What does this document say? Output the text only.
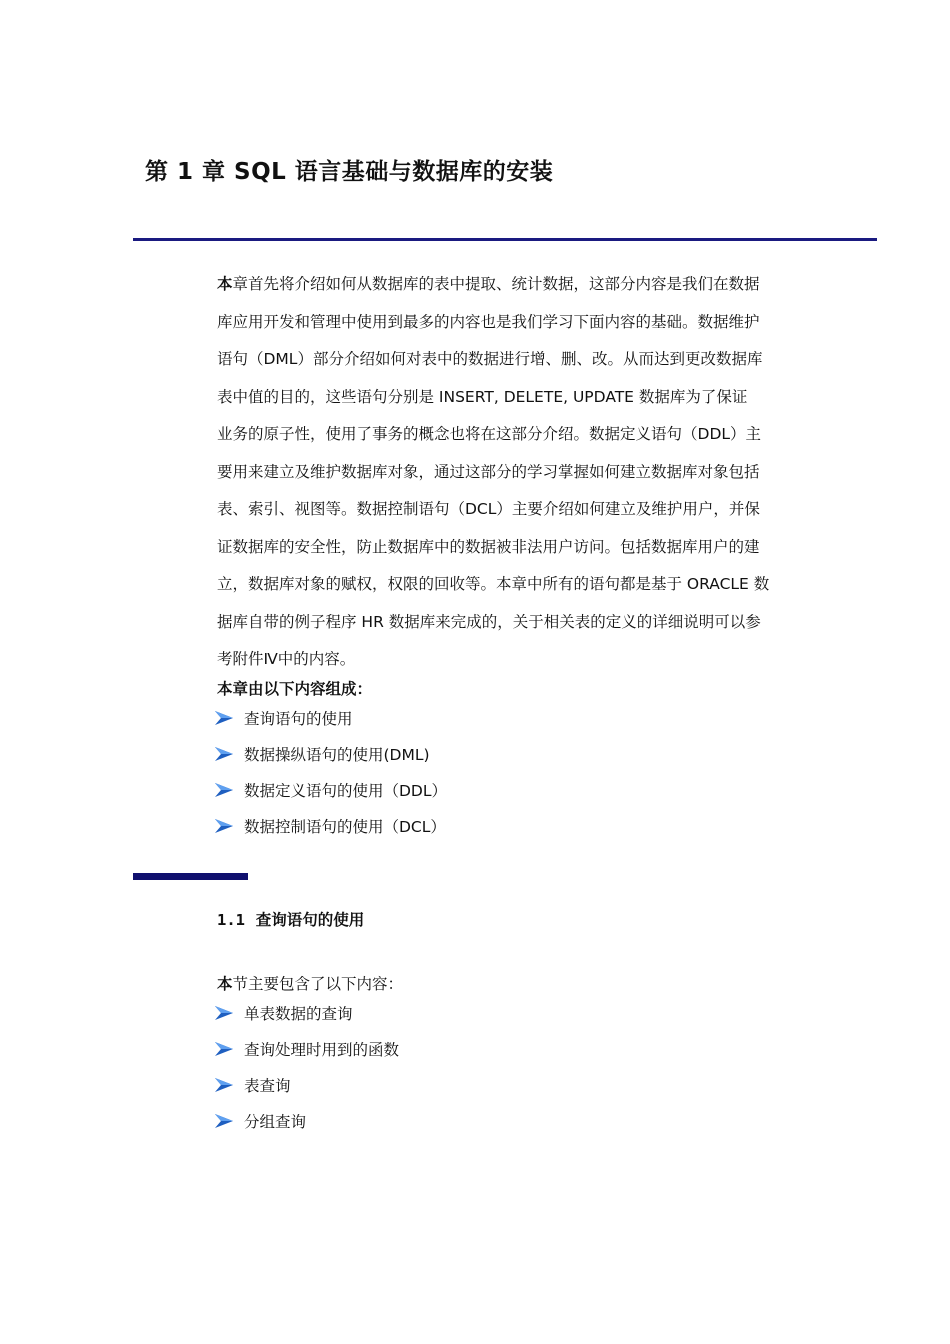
第 1 章 SQL 语言基础与数据库的安装
本章首先将介绍如何从数据库的表中提取、统计数据，这部分内容是我们在数据
库应用开发和管理中使用到最多的内容也是我们学习下面内容的基础。数据维护
语句（DML）部分介绍如何对表中的数据进行增、删、改。从而达到更改数据库
表中值的目的，这些语句分别是 INSERT, DELETE, UPDATE 数据库为了保证
业务的原子性，使用了事务的概念也将在这部分介绍。数据定义语句（DDL）主
要用来建立及维护数据库对象，通过这部分的学习掌握如何建立数据库对象包括
表、索引、视图等。数据控制语句（DCL）主要介绍如何建立及维护用户，并保
证数据库的安全性，防止数据库中的数据被非法用户访问。包括数据库用户的建
立，数据库对象的赋权，权限的回收等。本章中所有的语句都是基于 ORACLE 数
据库自带的例子程序 HR 数据库来完成的，关于相关表的定义的详细说明可以参
考附件Ⅳ中的内容。

本章由以下内容组成：

查询语句的使用
数据操纵语句的使用(DML)
数据定义语句的使用（DDL）
数据控制语句的使用（DCL）
1.1 查询语句的使用

本节主要包含了以下内容：

单表数据的查询
查询处理时用到的函数
表查询
分组查询
